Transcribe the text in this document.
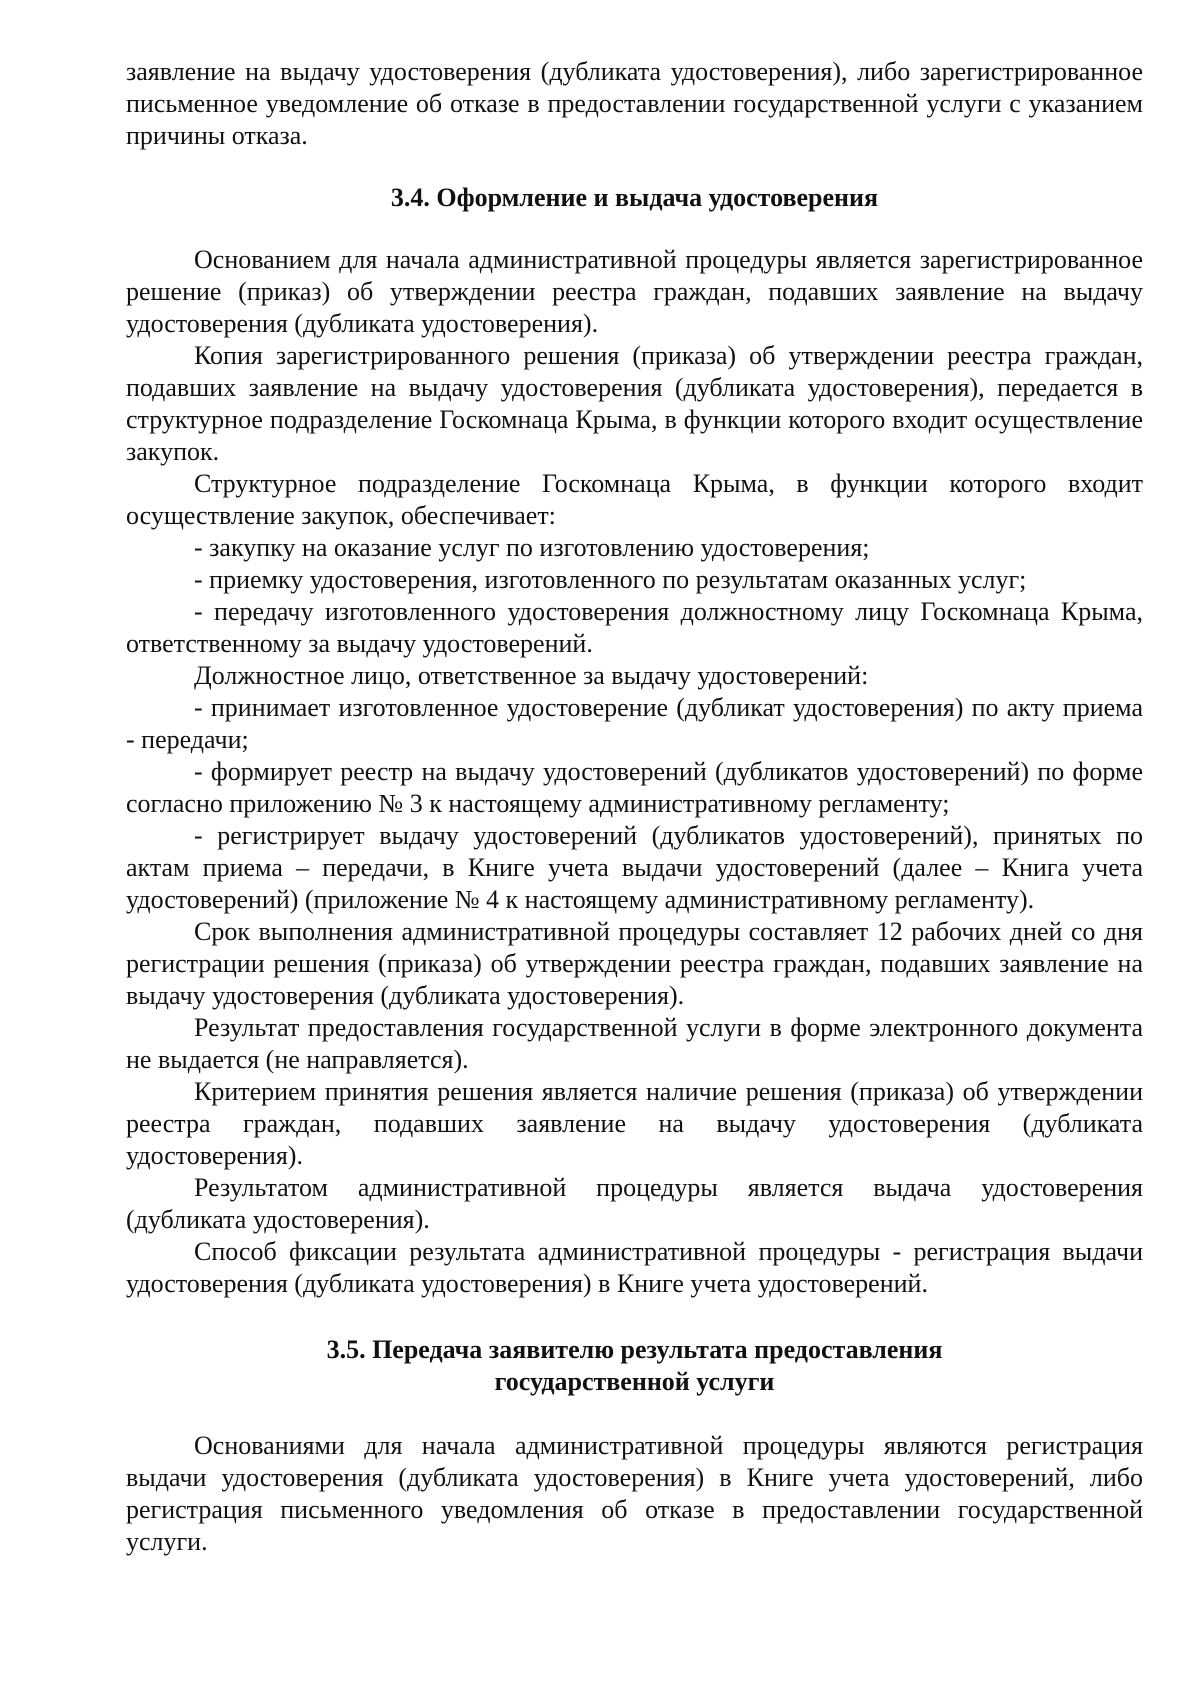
заявление на выдачу удостоверения (дубликата удостоверения), либо зарегистрированное письменное уведомление об отказе в предоставлении государственной услуги с указанием причины отказа.

3.4. Оформление и выдача удостоверения

Основанием для начала административной процедуры является зарегистрированное решение (приказ) об утверждении реестра граждан, подавших заявление на выдачу удостоверения (дубликата удостоверения).

Копия зарегистрированного решения (приказа) об утверждении реестра граждан, подавших заявление на выдачу удостоверения (дубликата удостоверения), передается в структурное подразделение Госкомнаца Крыма, в функции которого входит осуществление закупок.

Структурное подразделение Госкомнаца Крыма, в функции которого входит осуществление закупок, обеспечивает:

- закупку на оказание услуг по изготовлению удостоверения;

- приемку удостоверения, изготовленного по результатам оказанных услуг;

- передачу изготовленного удостоверения должностному лицу Госкомнаца Крыма, ответственному за выдачу удостоверений.

Должностное лицо, ответственное за выдачу удостоверений:

- принимает изготовленное удостоверение (дубликат удостоверения) по акту приема - передачи;

- формирует реестр на выдачу удостоверений (дубликатов удостоверений) по форме согласно приложению № 3 к настоящему административному регламенту;

- регистрирует выдачу удостоверений (дубликатов удостоверений), принятых по актам приема – передачи, в Книге учета выдачи удостоверений (далее – Книга учета удостоверений) (приложение № 4 к настоящему административному регламенту).

Срок выполнения административной процедуры составляет 12 рабочих дней со дня регистрации решения (приказа) об утверждении реестра граждан, подавших заявление на выдачу удостоверения (дубликата удостоверения).

Результат предоставления государственной услуги в форме электронного документа не выдается (не направляется).

Критерием принятия решения является наличие решения (приказа) об утверждении реестра граждан, подавших заявление на выдачу удостоверения (дубликата удостоверения).

Результатом административной процедуры является выдача удостоверения (дубликата удостоверения).

Способ фиксации результата административной процедуры - регистрация выдачи удостоверения (дубликата удостоверения) в Книге учета удостоверений.

3.5. Передача заявителю результата предоставления

государственной услуги

Основаниями для начала административной процедуры являются регистрация выдачи удостоверения (дубликата удостоверения) в Книге учета удостоверений, либо регистрация письменного уведомления об отказе в предоставлении государственной услуги.
